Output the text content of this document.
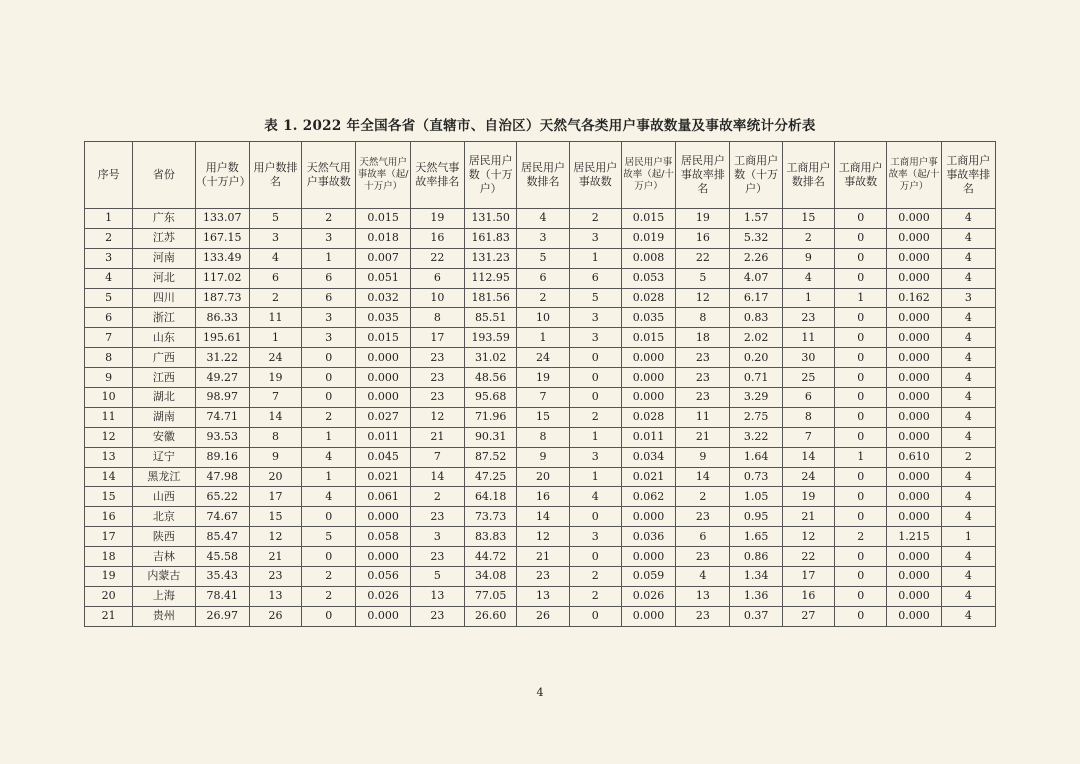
表 1. 2022 年全国各省（直辖市、自治区）天然气各类用户事故数量及事故率统计分析表
序号	省份	用户数（十万户）	用户数排名	天然气用户事故数	天然气用户事故率（起/十万户）	天然气事故率排名	居民用户数（十万户）	居民用户数排名	居民用户事故数	居民用户事故率（起/十万户）	居民用户事故率排名	工商用户数（十万户）	工商用户数排名	工商用户事故数	工商用户事故率（起/十万户）	工商用户事故率排名
1	广东	133.07	5	2	0.015	19	131.50	4	2	0.015	19	1.57	15	0	0.000	4
2	江苏	167.15	3	3	0.018	16	161.83	3	3	0.019	16	5.32	2	0	0.000	4
3	河南	133.49	4	1	0.007	22	131.23	5	1	0.008	22	2.26	9	0	0.000	4
4	河北	117.02	6	6	0.051	6	112.95	6	6	0.053	5	4.07	4	0	0.000	4
5	四川	187.73	2	6	0.032	10	181.56	2	5	0.028	12	6.17	1	1	0.162	3
6	浙江	86.33	11	3	0.035	8	85.51	10	3	0.035	8	0.83	23	0	0.000	4
7	山东	195.61	1	3	0.015	17	193.59	1	3	0.015	18	2.02	11	0	0.000	4
8	广西	31.22	24	0	0.000	23	31.02	24	0	0.000	23	0.20	30	0	0.000	4
9	江西	49.27	19	0	0.000	23	48.56	19	0	0.000	23	0.71	25	0	0.000	4
10	湖北	98.97	7	0	0.000	23	95.68	7	0	0.000	23	3.29	6	0	0.000	4
11	湖南	74.71	14	2	0.027	12	71.96	15	2	0.028	11	2.75	8	0	0.000	4
12	安徽	93.53	8	1	0.011	21	90.31	8	1	0.011	21	3.22	7	0	0.000	4
13	辽宁	89.16	9	4	0.045	7	87.52	9	3	0.034	9	1.64	14	1	0.610	2
14	黑龙江	47.98	20	1	0.021	14	47.25	20	1	0.021	14	0.73	24	0	0.000	4
15	山西	65.22	17	4	0.061	2	64.18	16	4	0.062	2	1.05	19	0	0.000	4
16	北京	74.67	15	0	0.000	23	73.73	14	0	0.000	23	0.95	21	0	0.000	4
17	陕西	85.47	12	5	0.058	3	83.83	12	3	0.036	6	1.65	12	2	1.215	1
18	吉林	45.58	21	0	0.000	23	44.72	21	0	0.000	23	0.86	22	0	0.000	4
19	内蒙古	35.43	23	2	0.056	5	34.08	23	2	0.059	4	1.34	17	0	0.000	4
20	上海	78.41	13	2	0.026	13	77.05	13	2	0.026	13	1.36	16	0	0.000	4
21	贵州	26.97	26	0	0.000	23	26.60	26	0	0.000	23	0.37	27	0	0.000	4
4
